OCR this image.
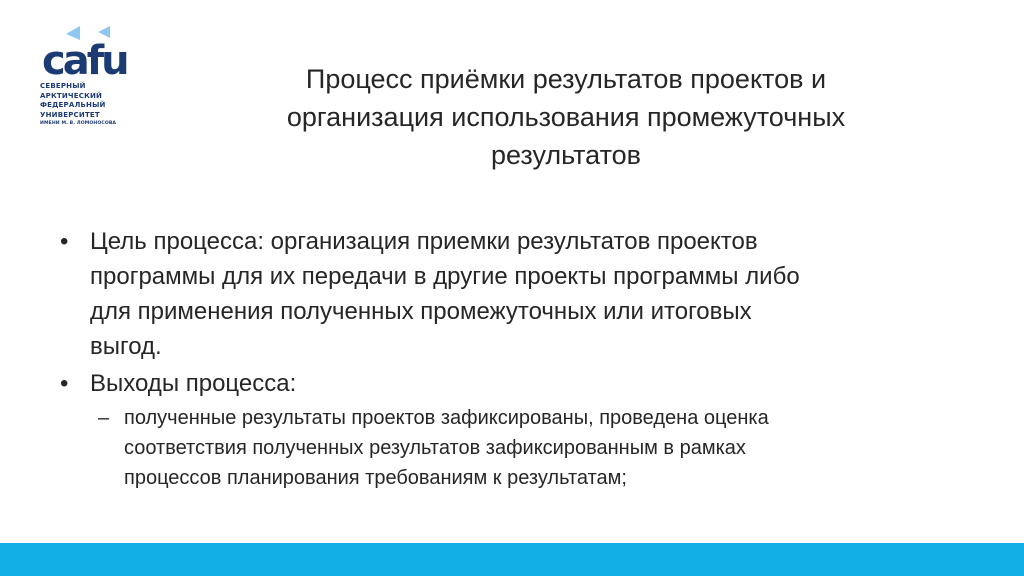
cafu
СЕВЕРНЫЙ
АРКТИЧЕСКИЙ
ФЕДЕРАЛЬНЫЙ
УНИВЕРСИТЕТ
ИМЕНИ М. В. ЛОМОНОСОВА
Процесс приёмки результатов проектов и
организация использования промежуточных
результатов
• Цель процесса: организация приемки результатов проектов
программы для их передачи в другие проекты программы либо
для применения полученных промежуточных или итоговых
выгод.
• Выходы процесса:
– полученные результаты проектов зафиксированы, проведена оценка
соответствия полученных результатов зафиксированным в рамках
процессов планирования требованиям к результатам;
